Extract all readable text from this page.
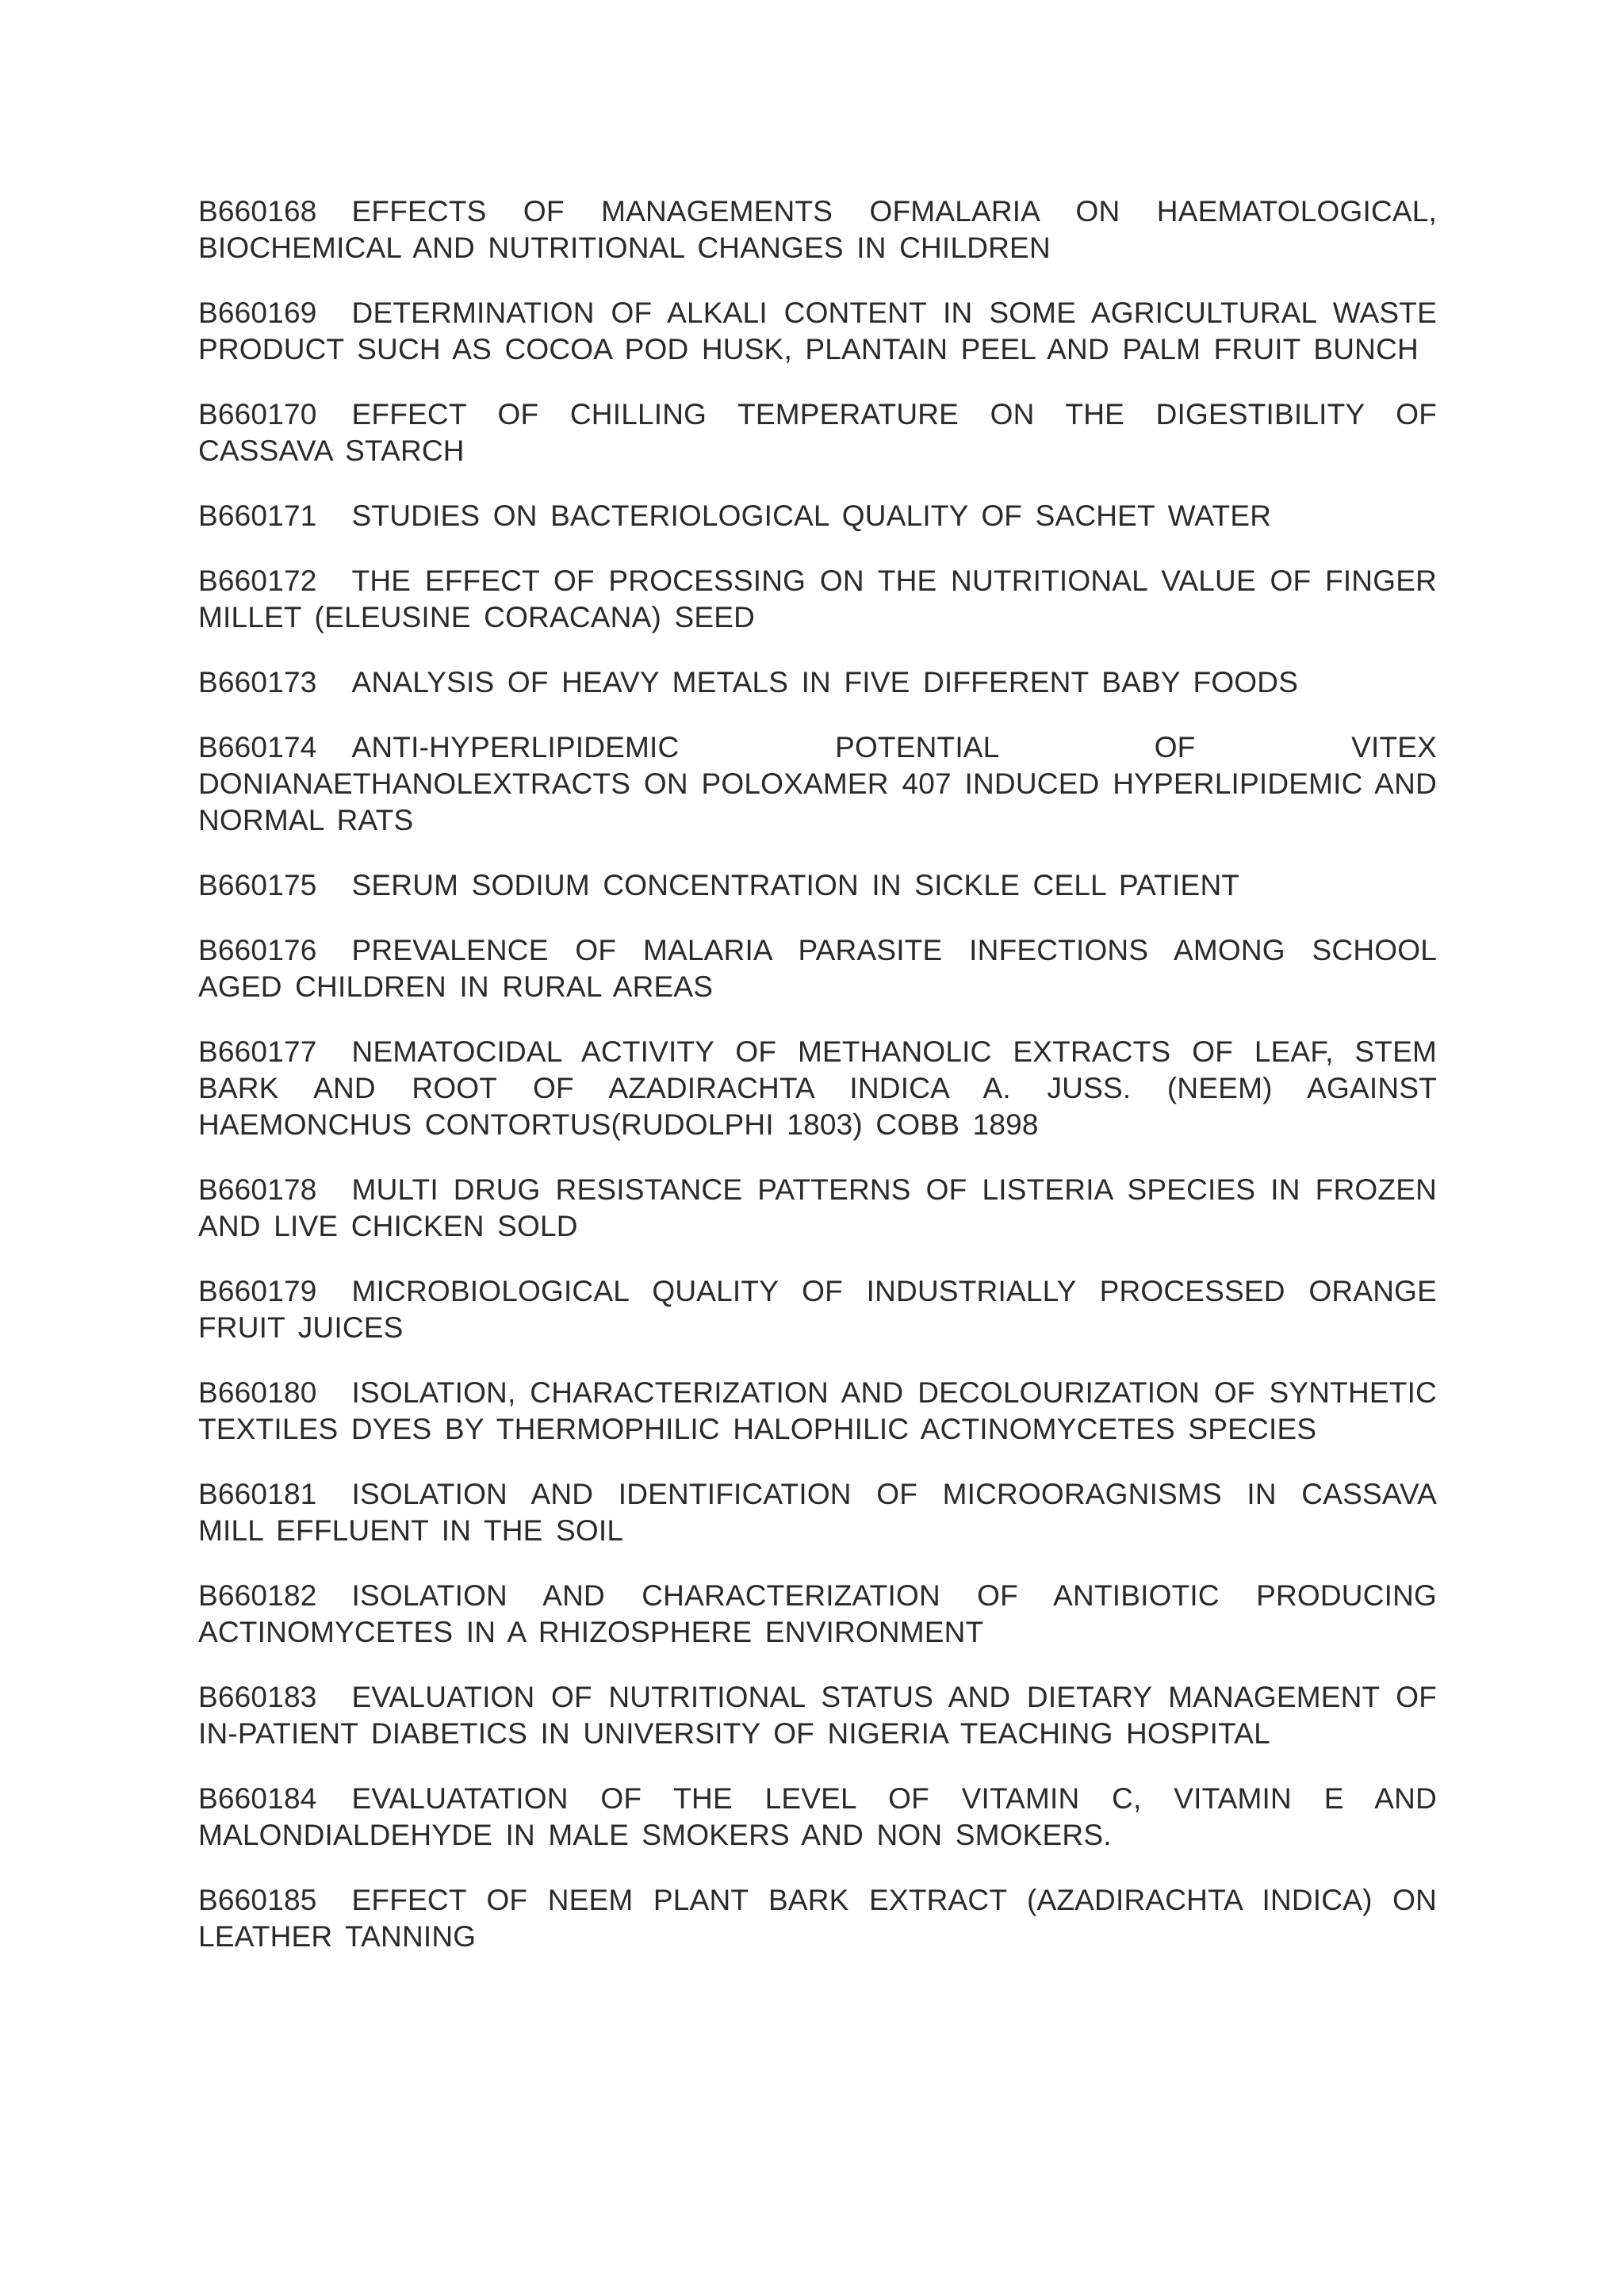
B660168 EFFECTS OF MANAGEMENTS OFMALARIA ON HAEMATOLOGICAL, BIOCHEMICAL AND NUTRITIONAL CHANGES IN CHILDREN

B660169 DETERMINATION OF ALKALI CONTENT IN SOME AGRICULTURAL WASTE PRODUCT SUCH AS COCOA POD HUSK, PLANTAIN PEEL AND PALM FRUIT BUNCH

B660170 EFFECT OF CHILLING TEMPERATURE ON THE DIGESTIBILITY OF CASSAVA STARCH

B660171 STUDIES ON BACTERIOLOGICAL QUALITY OF SACHET WATER

B660172 THE EFFECT OF PROCESSING ON THE NUTRITIONAL VALUE OF FINGER MILLET (ELEUSINE CORACANA) SEED

B660173 ANALYSIS OF HEAVY METALS IN FIVE DIFFERENT BABY FOODS

B660174 ANTI-HYPERLIPIDEMIC POTENTIAL OF VITEX DONIANAETHANOLEXTRACTS ON POLOXAMER 407 INDUCED HYPERLIPIDEMIC AND NORMAL RATS

B660175 SERUM SODIUM CONCENTRATION IN SICKLE CELL PATIENT

B660176 PREVALENCE OF MALARIA PARASITE INFECTIONS AMONG SCHOOL AGED CHILDREN IN RURAL AREAS

B660177 NEMATOCIDAL ACTIVITY OF METHANOLIC EXTRACTS OF LEAF, STEM BARK AND ROOT OF AZADIRACHTA INDICA A. JUSS. (NEEM) AGAINST HAEMONCHUS CONTORTUS(RUDOLPHI 1803) COBB 1898

B660178 MULTI DRUG RESISTANCE PATTERNS OF LISTERIA SPECIES IN FROZEN AND LIVE CHICKEN SOLD

B660179 MICROBIOLOGICAL QUALITY OF INDUSTRIALLY PROCESSED ORANGE FRUIT JUICES

B660180 ISOLATION, CHARACTERIZATION AND DECOLOURIZATION OF SYNTHETIC TEXTILES DYES BY THERMOPHILIC HALOPHILIC ACTINOMYCETES SPECIES

B660181 ISOLATION AND IDENTIFICATION OF MICROORAGNISMS IN CASSAVA MILL EFFLUENT IN THE SOIL

B660182 ISOLATION AND CHARACTERIZATION OF ANTIBIOTIC PRODUCING ACTINOMYCETES IN A RHIZOSPHERE ENVIRONMENT

B660183 EVALUATION OF NUTRITIONAL STATUS AND DIETARY MANAGEMENT OF IN-PATIENT DIABETICS IN UNIVERSITY OF NIGERIA TEACHING HOSPITAL

B660184 EVALUATATION OF THE LEVEL OF VITAMIN C, VITAMIN E AND MALONDIALDEHYDE IN MALE SMOKERS AND NON SMOKERS.

B660185 EFFECT OF NEEM PLANT BARK EXTRACT (AZADIRACHTA INDICA) ON LEATHER TANNING
